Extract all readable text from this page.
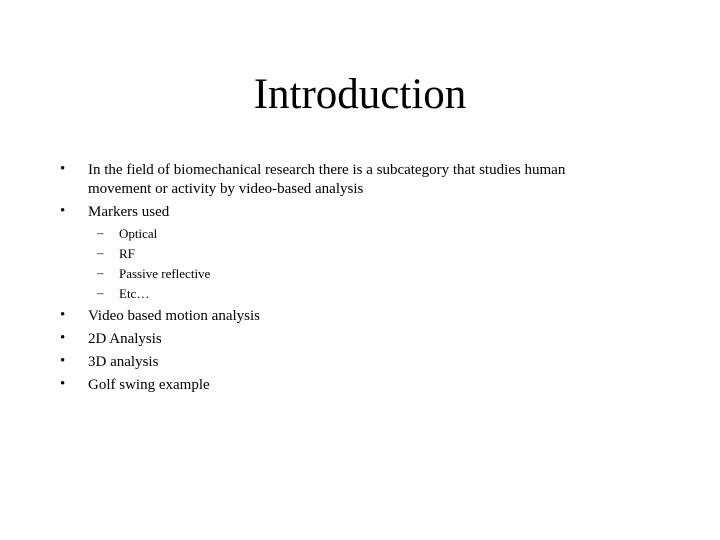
Introduction
• In the field of biomechanical research there is a subcategory that studies human movement or activity by video-based analysis
• Markers used
– Optical
– RF
– Passive reflective
– Etc…
• Video based motion analysis
• 2D Analysis
• 3D analysis
• Golf swing example
